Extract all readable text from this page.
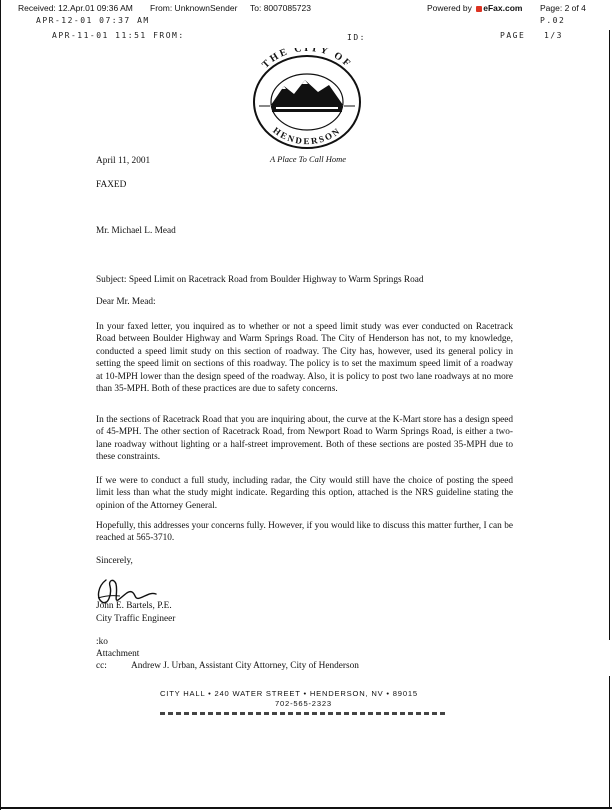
Received: 12.Apr.01 09:36 AM From: UnknownSender To: 8007085723	Powered by eFax.com Page: 2 of 4
APR-12-01 07:37 AM	P.02
APR-11-01 11:51 FROM:	ID:	PAGE 1/3
THE CITY OF
HENDERSON
A Place To Call Home
April 11, 2001
FAXED
Mr. Michael L. Mead
Subject: Speed Limit on Racetrack Road from Boulder Highway to Warm Springs Road
Dear Mr. Mead:
In your faxed letter, you inquired as to whether or not a speed limit study was ever conducted on Racetrack Road between Boulder Highway and Warm Springs Road. The City of Henderson has not, to my knowledge, conducted a speed limit study on this section of roadway. The City has, however, used its general policy in setting the speed limit on sections of this roadway. The policy is to set the maximum speed limit of a roadway at 10-MPH lower than the design speed of the roadway. Also, it is policy to post two lane roadways at no more than 35-MPH. Both of these practices are due to safety concerns.
In the sections of Racetrack Road that you are inquiring about, the curve at the K-Mart store has a design speed of 45-MPH. The other section of Racetrack Road, from Newport Road to Warm Springs Road, is either a two-lane roadway without lighting or a half-street improvement. Both of these sections are posted 35-MPH due to these constraints.
If we were to conduct a full study, including radar, the City would still have the choice of posting the speed limit less than what the study might indicate. Regarding this option, attached is the NRS guideline stating the opinion of the Attorney General.
Hopefully, this addresses your concerns fully. However, if you would like to discuss this matter further, I can be reached at 565-3710.
Sincerely,
John E. Bartels, P.E.
City Traffic Engineer
:ko
Attachment
cc:	Andrew J. Urban, Assistant City Attorney, City of Henderson
CITY HALL • 240 WATER STREET • HENDERSON, NV • 89015
702-565-2323
